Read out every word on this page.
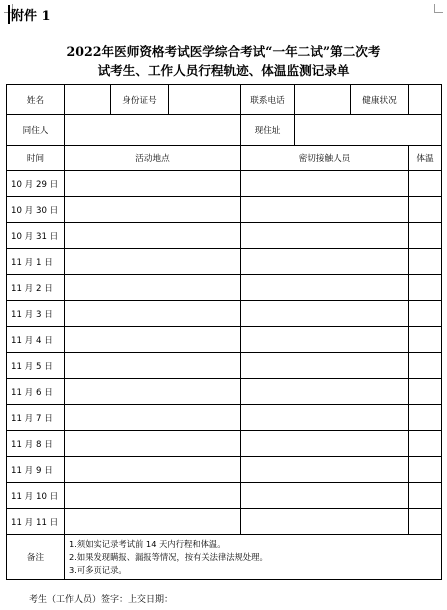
附件 1
2022年医师资格考试医学综合考试“一年二试”第二次考
试考生、工作人员行程轨迹、体温监测记录单
姓名		身份证号		联系电话		健康状况	
同住人				现住址			
时间	活动地点			密切接触人员			体温
10 月 29 日							
10 月 30 日							
10 月 31 日							
11 月 1 日							
11 月 2 日							
11 月 3 日							
11 月 4 日							
11 月 5 日							
11 月 6 日							
11 月 7 日							
11 月 8 日							
11 月 9 日							
11 月 10 日							
11 月 11 日							
备注	1.须如实记录考试前 14 天内行程和体温。
2.如果发现瞒报、漏报等情况，按有关法律法规处理。
3.可多页记录。						
考生（工作人员）签字：上交日期：
